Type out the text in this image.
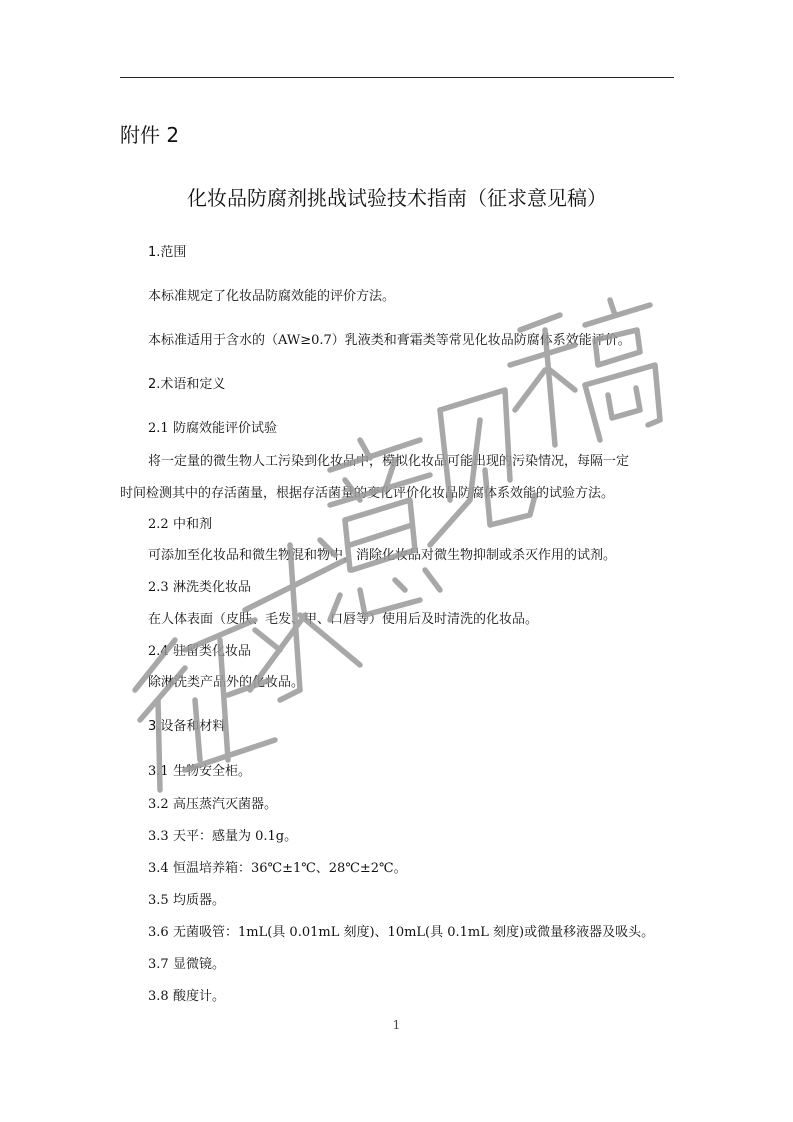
附件 2
化妆品防腐剂挑战试验技术指南（征求意见稿）
1.范围
本标准规定了化妆品防腐效能的评价方法。
本标准适用于含水的（AW≥0.7）乳液类和膏霜类等常见化妆品防腐体系效能评价。
2.术语和定义
2.1 防腐效能评价试验
将一定量的微生物人工污染到化妆品中，模拟化妆品可能出现的污染情况，每隔一定
时间检测其中的存活菌量，根据存活菌量的变化评价化妆品防腐体系效能的试验方法。
2.2 中和剂
可添加至化妆品和微生物混和物中，消除化妆品对微生物抑制或杀灭作用的试剂。
2.3 淋洗类化妆品
在人体表面（皮肤、毛发、甲、口唇等）使用后及时清洗的化妆品。
2.4 驻留类化妆品
除淋洗类产品外的化妆品。
3.设备和材料
3.1 生物安全柜。
3.2 高压蒸汽灭菌器。
3.3 天平：感量为 0.1g。
3.4 恒温培养箱：36℃±1℃、28℃±2℃。
3.5 均质器。
3.6 无菌吸管：1mL(具 0.01mL 刻度)、10mL(具 0.1mL 刻度)或微量移液器及吸头。
3.7 显微镜。
3.8 酸度计。
1
